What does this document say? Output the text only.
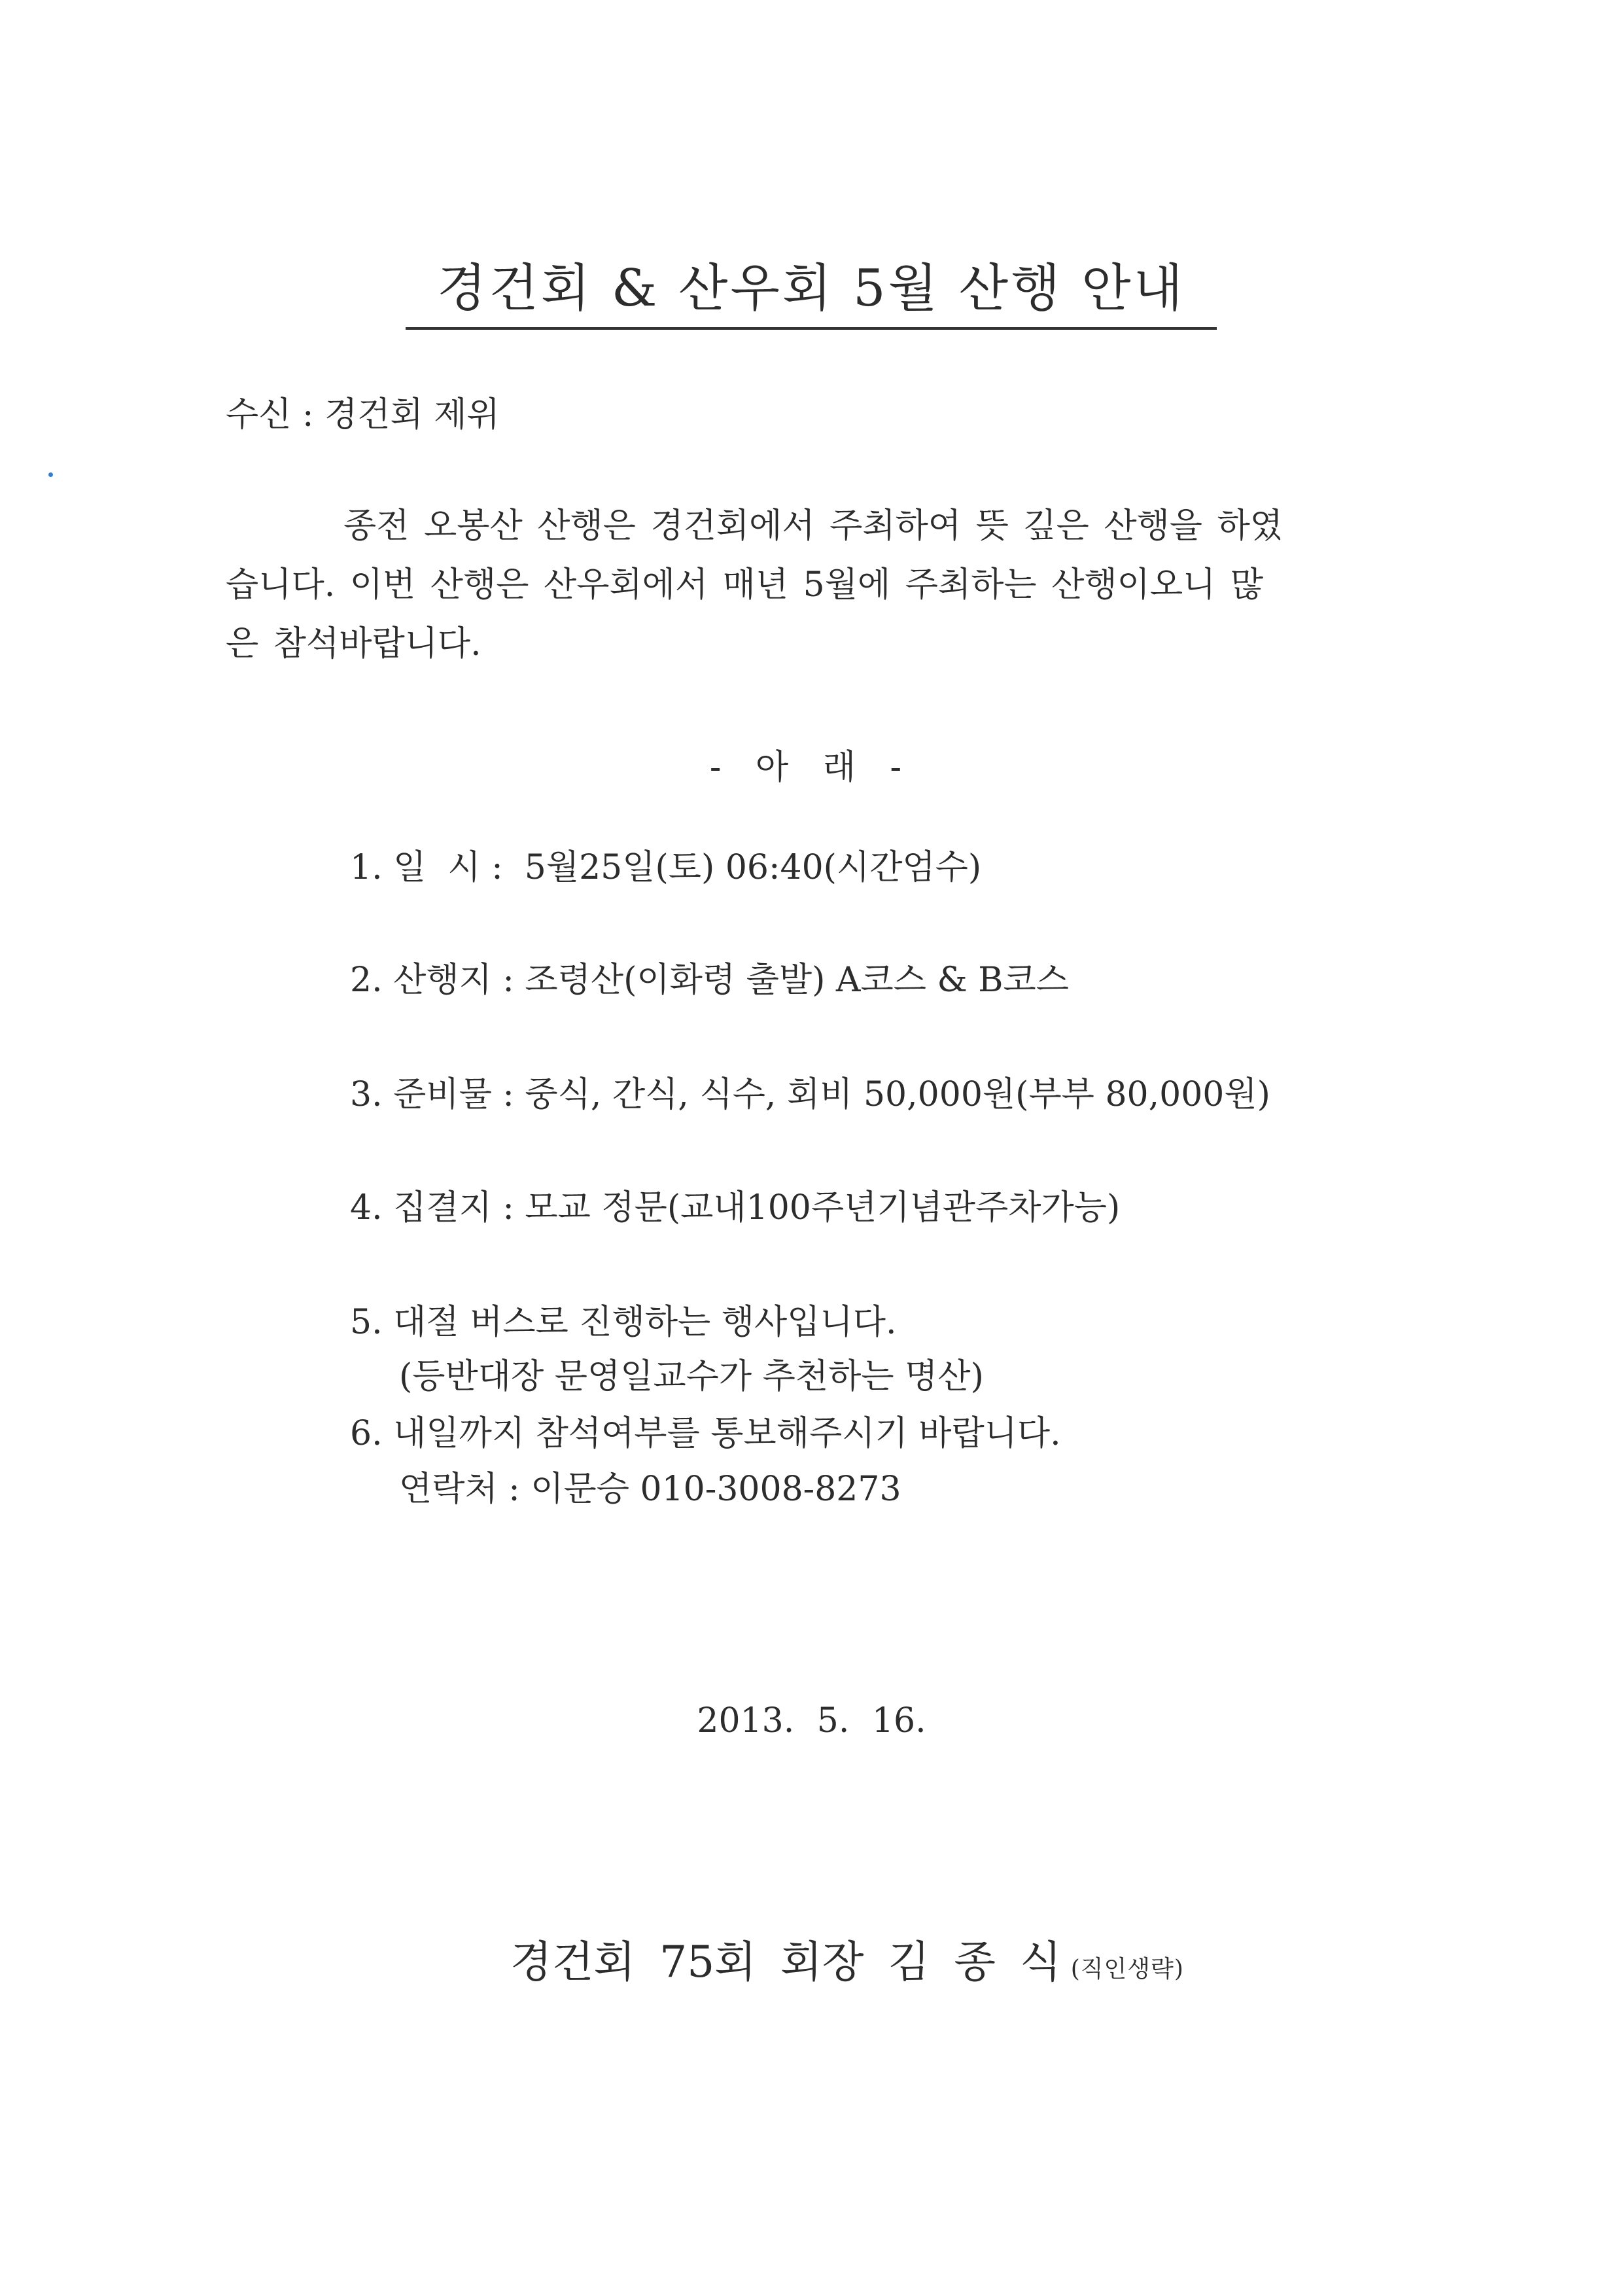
경건회 & 산우회 5월 산행 안내
수신 : 경건회 제위
종전 오봉산 산행은 경건회에서 주최하여 뜻 깊은 산행을 하였
습니다. 이번 산행은 산우회에서 매년 5월에 주최하는 산행이오니 많
은 참석바랍니다.
- 아 래 -
1. 일  시 :  5월25일(토) 06:40(시간엄수)
2. 산행지 : 조령산(이화령 출발) A코스 & B코스
3. 준비물 : 중식, 간식, 식수, 회비 50,000원(부부 80,000원)
4. 집결지 : 모교 정문(교내100주년기념관주차가능)
5. 대절 버스로 진행하는 행사입니다.
(등반대장 문영일교수가 추천하는 명산)
6. 내일까지 참석여부를 통보해주시기 바랍니다.
연락처 : 이문승 010-3008-8273
2013. 5. 16.
경건회 75회 회장 김 종 식 (직인생략)
